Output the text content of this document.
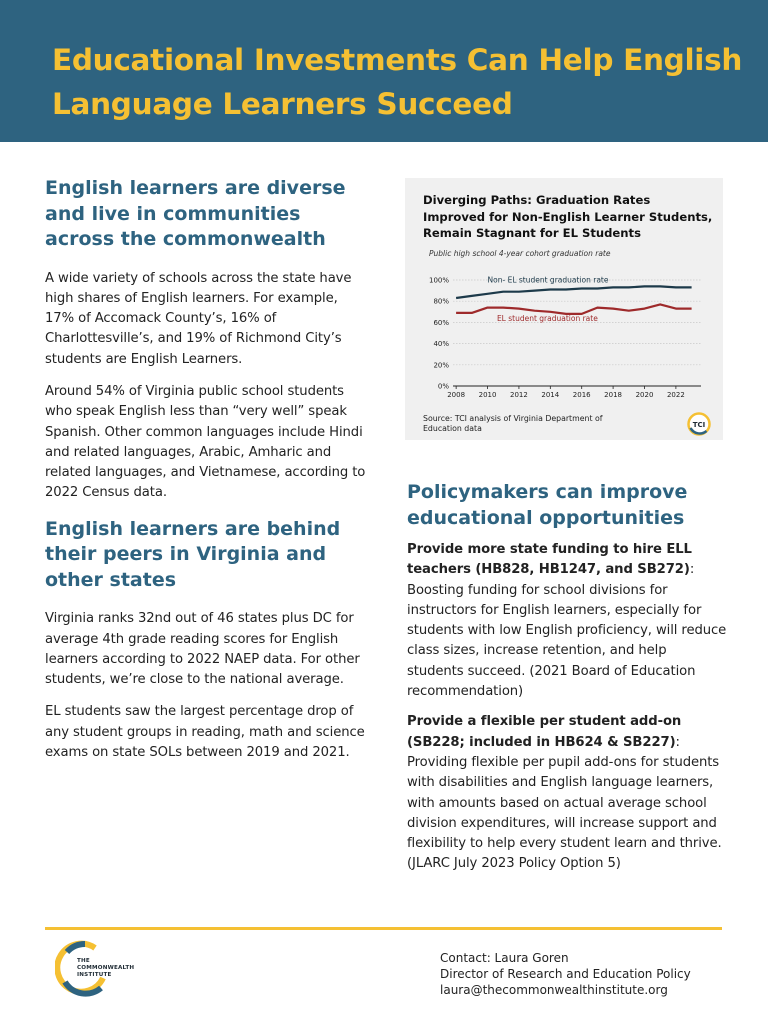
Educational Investments Can Help English Language Learners Succeed
English learners are diverse and live in communities across the commonwealth

A wide variety of schools across the state have high shares of English learners. For example, 17% of Accomack County’s, 16% of Charlottesville’s, and 19% of Richmond City’s students are English Learners.

Around 54% of Virginia public school students who speak English less than “very well” speak Spanish. Other common languages include Hindi and related languages, Arabic, Amharic and related languages, and Vietnamese, according to 2022 Census data.

English learners are behind their peers in Virginia and other states

Virginia ranks 32nd out of 46 states plus DC for average 4th grade reading scores for English learners according to 2022 NAEP data. For other students, we’re close to the national average.

EL students saw the largest percentage drop of any student groups in reading, math and science exams on state SOLs between 2019 and 2021.

Diverging Paths: Graduation Rates Improved for Non-English Learner Students, Remain Stagnant for EL Students
Public high school 4-year cohort graduation rate
0%
20%
40%
60%
80%
100%
2008 2010 2012 2014 2016 2018 2020 2022
Non- EL student graduation rate
EL student graduation rate
Source: TCI analysis of Virginia Department of Education data	TCI
Policymakers can improve educational opportunities

Provide more state funding to hire ELL teachers (HB828, HB1247, and SB272): Boosting funding for school divisions for instructors for English learners, especially for students with low English proficiency, will reduce class sizes, increase retention, and help students succeed. (2021 Board of Education recommendation)

Provide a flexible per student add-on (SB228; included in HB624 & SB227): Providing flexible per pupil add-ons for students with disabilities and English language learners, with amounts based on actual average school division expenditures, will increase support and flexibility to help every student learn and thrive. (JLARC July 2023 Policy Option 5)

THE
COMMONWEALTH
INSTITUTE
Contact: Laura Goren
Director of Research and Education Policy
laura@thecommonwealthinstitute.org
